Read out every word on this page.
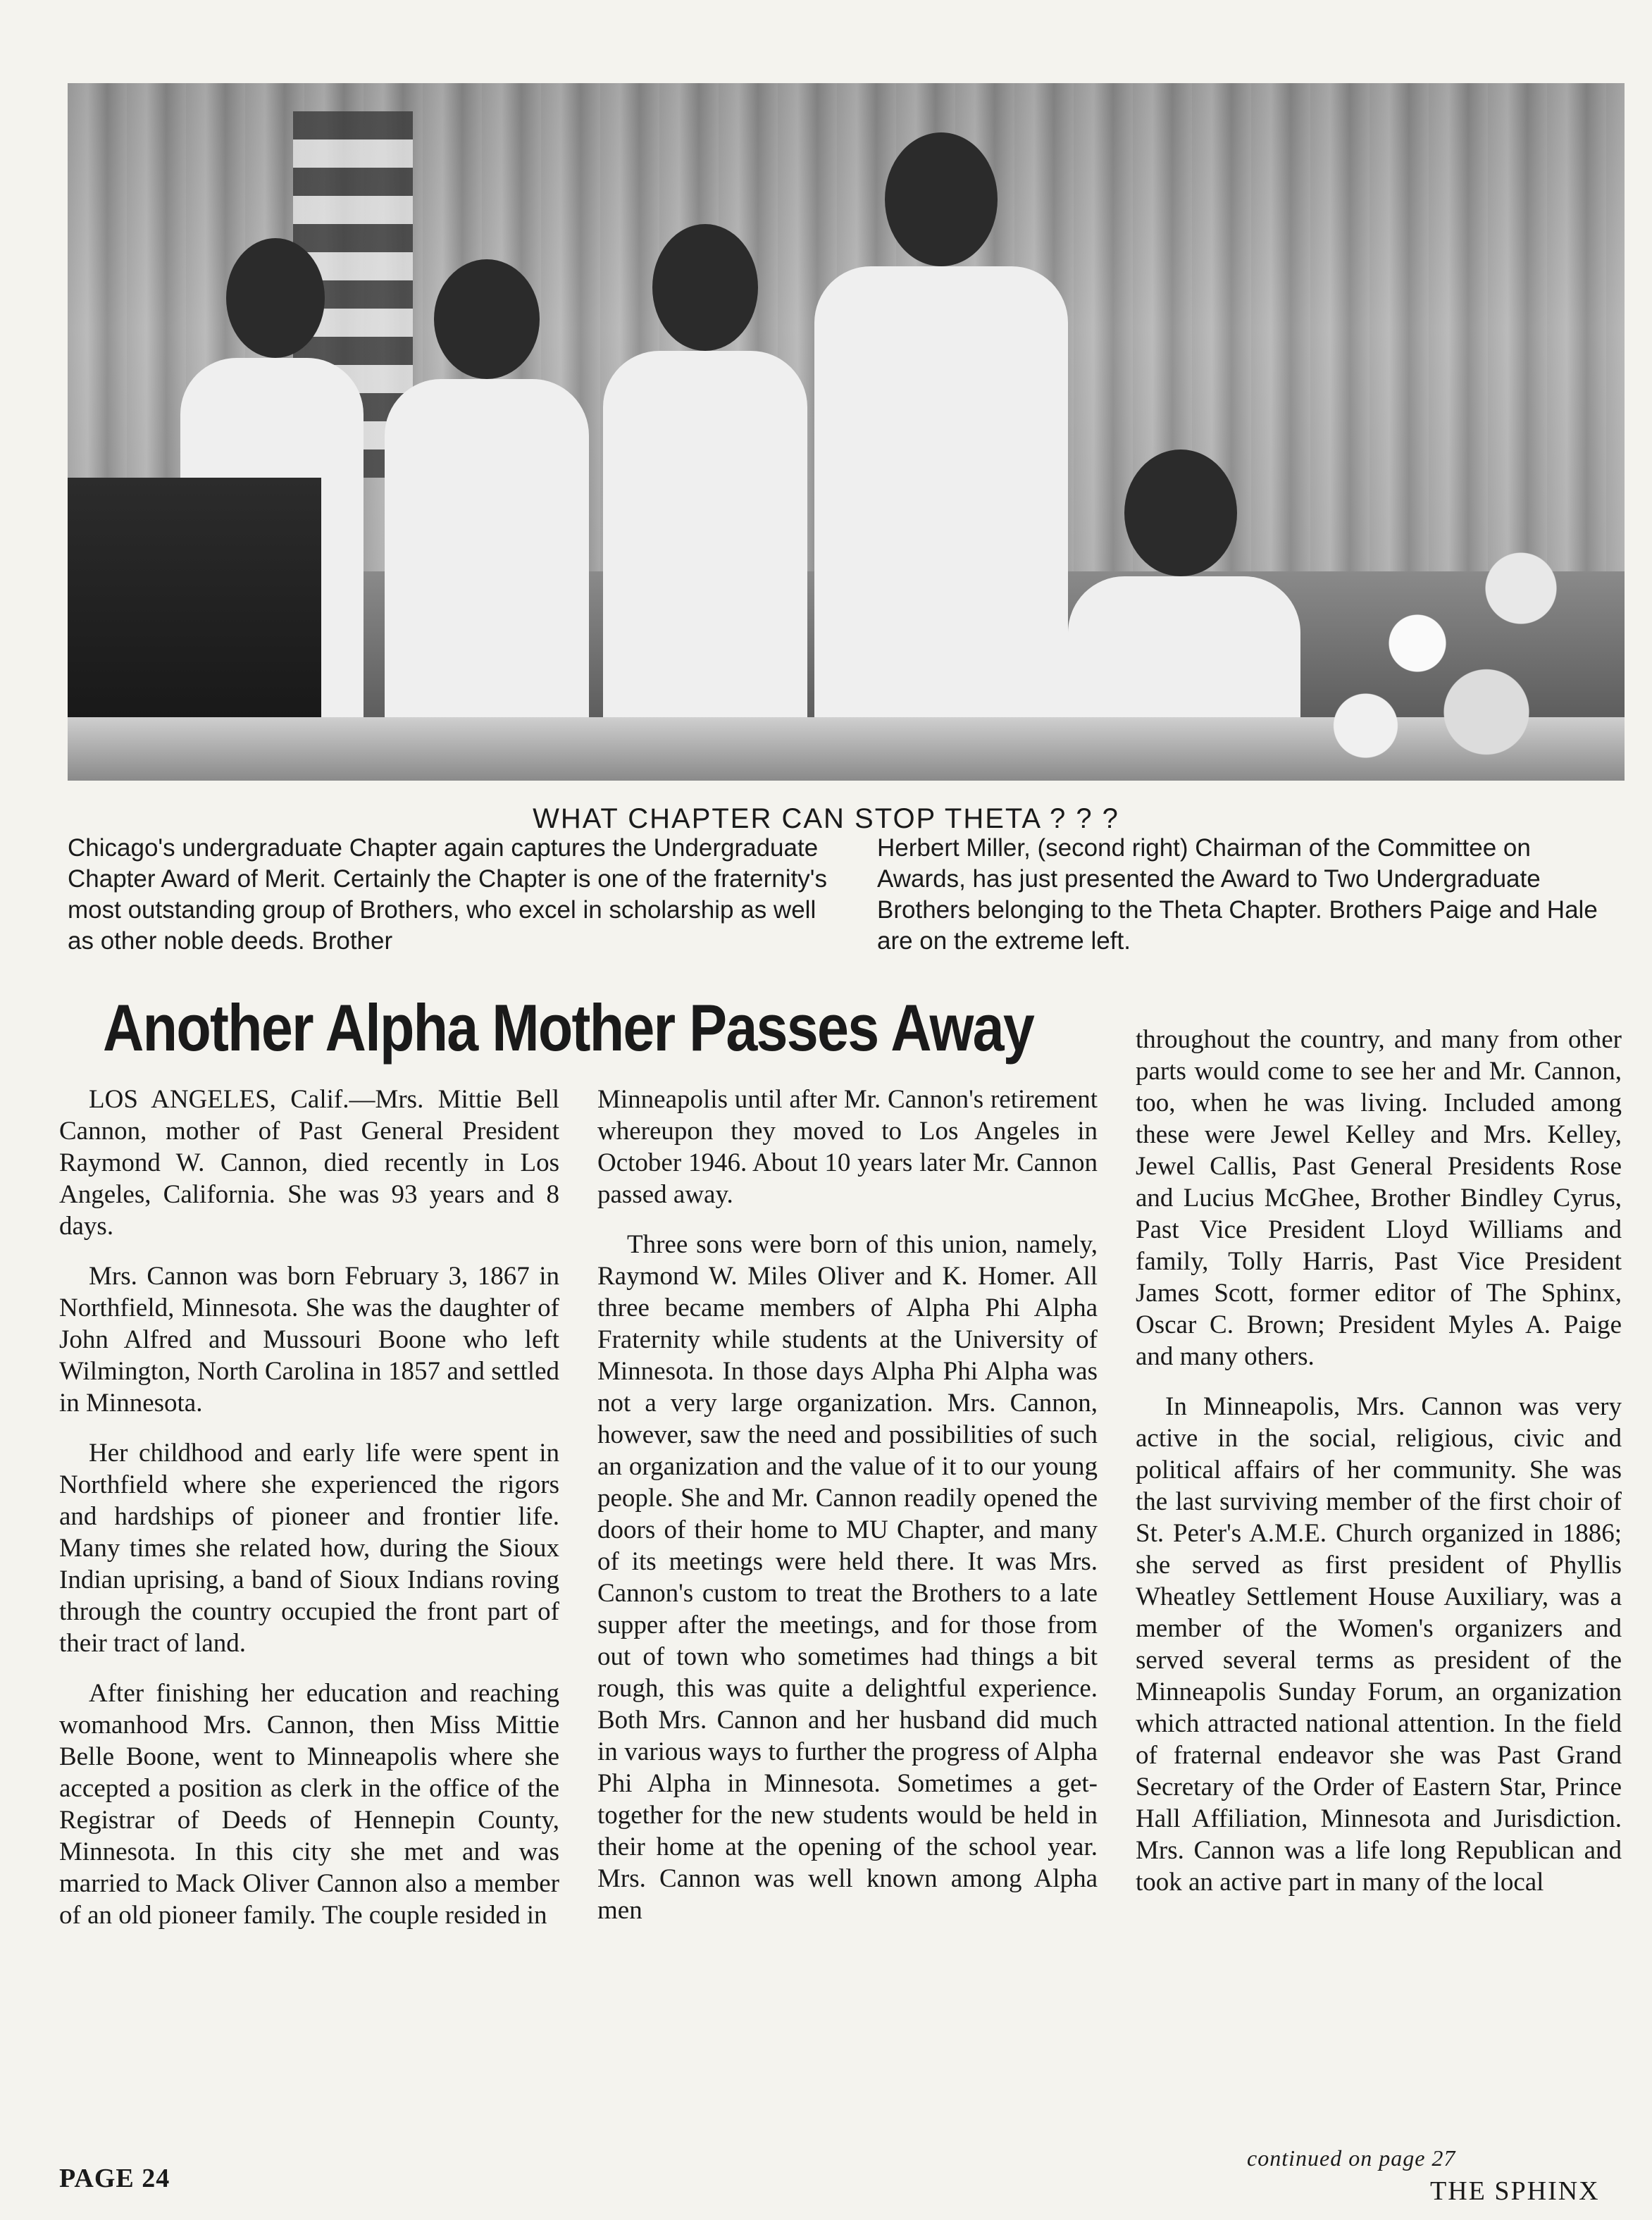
WHAT CHAPTER CAN STOP THETA ? ? ?

Chicago's undergraduate Chapter again captures the Undergraduate Chapter Award of Merit. Certainly the Chapter is one of the fraternity's most outstanding group of Brothers, who excel in scholarship as well as other noble deeds. Brother

Herbert Miller, (second right) Chairman of the Committee on Awards, has just presented the Award to Two Undergraduate Brothers belonging to the Theta Chapter. Brothers Paige and Hale are on the extreme left.

Another Alpha Mother Passes Away

LOS ANGELES, Calif.—Mrs. Mittie Bell Cannon, mother of Past General President Raymond W. Cannon, died recently in Los Angeles, California. She was 93 years and 8 days.

Mrs. Cannon was born February 3, 1867 in Northfield, Minnesota. She was the daughter of John Alfred and Mussouri Boone who left Wilmington, North Carolina in 1857 and settled in Minnesota.

Her childhood and early life were spent in Northfield where she experienced the rigors and hardships of pioneer and frontier life. Many times she related how, during the Sioux Indian uprising, a band of Sioux Indians roving through the country occupied the front part of their tract of land.

After finishing her education and reaching womanhood Mrs. Cannon, then Miss Mittie Belle Boone, went to Minneapolis where she accepted a position as clerk in the office of the Registrar of Deeds of Hennepin County, Minnesota. In this city she met and was married to Mack Oliver Cannon also a member of an old pioneer family. The couple resided in

Minneapolis until after Mr. Cannon's retirement whereupon they moved to Los Angeles in October 1946. About 10 years later Mr. Cannon passed away.

Three sons were born of this union, namely, Raymond W. Miles Oliver and K. Homer. All three became members of Alpha Phi Alpha Fraternity while students at the University of Minnesota. In those days Alpha Phi Alpha was not a very large organization. Mrs. Cannon, however, saw the need and possibilities of such an organization and the value of it to our young people. She and Mr. Cannon readily opened the doors of their home to MU Chapter, and many of its meetings were held there. It was Mrs. Cannon's custom to treat the Brothers to a late supper after the meetings, and for those from out of town who sometimes had things a bit rough, this was quite a delightful experience. Both Mrs. Cannon and her husband did much in various ways to further the progress of Alpha Phi Alpha in Minnesota. Sometimes a get-together for the new students would be held in their home at the opening of the school year. Mrs. Cannon was well known among Alpha men

throughout the country, and many from other parts would come to see her and Mr. Cannon, too, when he was living. Included among these were Jewel Kelley and Mrs. Kelley, Jewel Callis, Past General Presidents Rose and Lucius McGhee, Brother Bindley Cyrus, Past Vice President Lloyd Williams and family, Tolly Harris, Past Vice President James Scott, former editor of The Sphinx, Oscar C. Brown; President Myles A. Paige and many others.

In Minneapolis, Mrs. Cannon was very active in the social, religious, civic and political affairs of her community. She was the last surviving member of the first choir of St. Peter's A.M.E. Church organized in 1886; she served as first president of Phyllis Wheatley Settlement House Auxiliary, was a member of the Women's organizers and served several terms as president of the Minneapolis Sunday Forum, an organization which attracted national attention. In the field of fraternal endeavor she was Past Grand Secretary of the Order of Eastern Star, Prince Hall Affiliation, Minnesota and Jurisdiction. Mrs. Cannon was a life long Republican and took an active part in many of the local

continued on page 27
PAGE 24	THE SPHINX
